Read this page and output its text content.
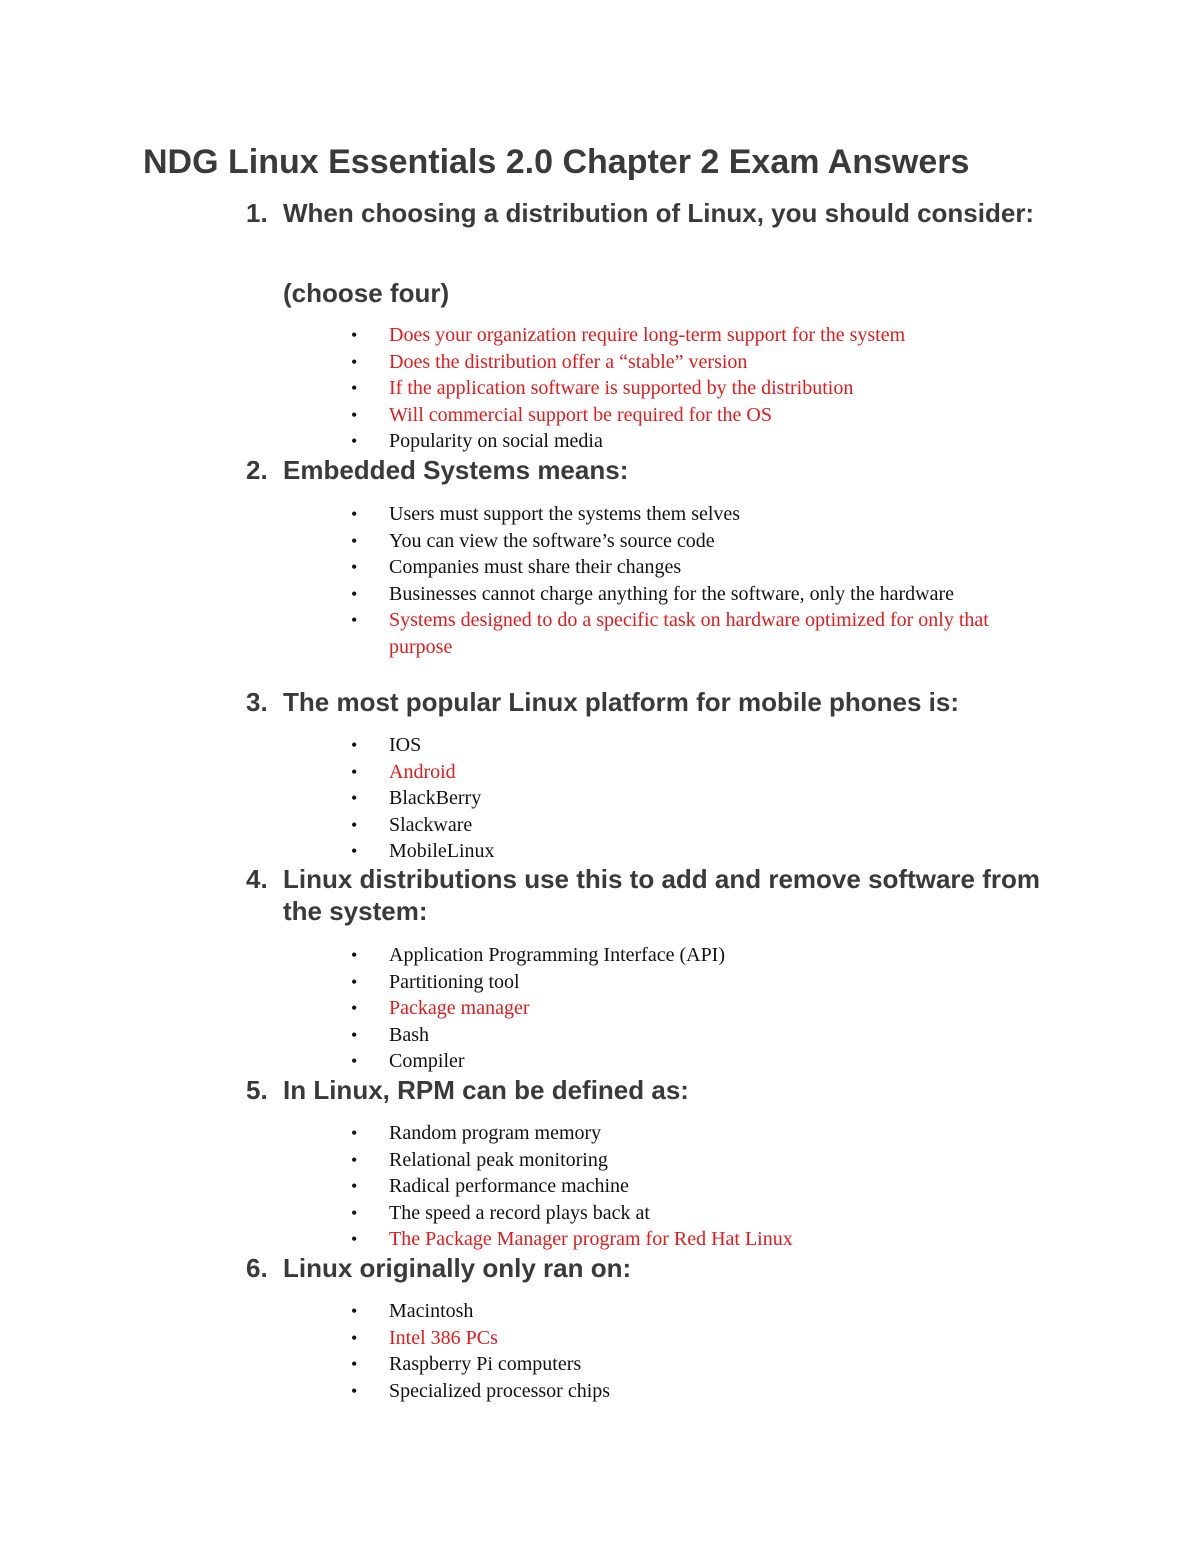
NDG Linux Essentials 2.0 Chapter 2 Exam Answers
1. When choosing a distribution of Linux, you should consider:
(choose four)
• Does your organization require long-term support for the system
• Does the distribution offer a “stable” version
• If the application software is supported by the distribution
• Will commercial support be required for the OS
• Popularity on social media
2. Embedded Systems means:
• Users must support the systems them selves
• You can view the software’s source code
• Companies must share their changes
• Businesses cannot charge anything for the software, only the hardware
• Systems designed to do a specific task on hardware optimized for only that purpose
3. The most popular Linux platform for mobile phones is:
• IOS
• Android
• BlackBerry
• Slackware
• MobileLinux
4. Linux distributions use this to add and remove software from the system:
• Application Programming Interface (API)
• Partitioning tool
• Package manager
• Bash
• Compiler
5. In Linux, RPM can be defined as:
• Random program memory
• Relational peak monitoring
• Radical performance machine
• The speed a record plays back at
• The Package Manager program for Red Hat Linux
6. Linux originally only ran on:
• Macintosh
• Intel 386 PCs
• Raspberry Pi computers
• Specialized processor chips
